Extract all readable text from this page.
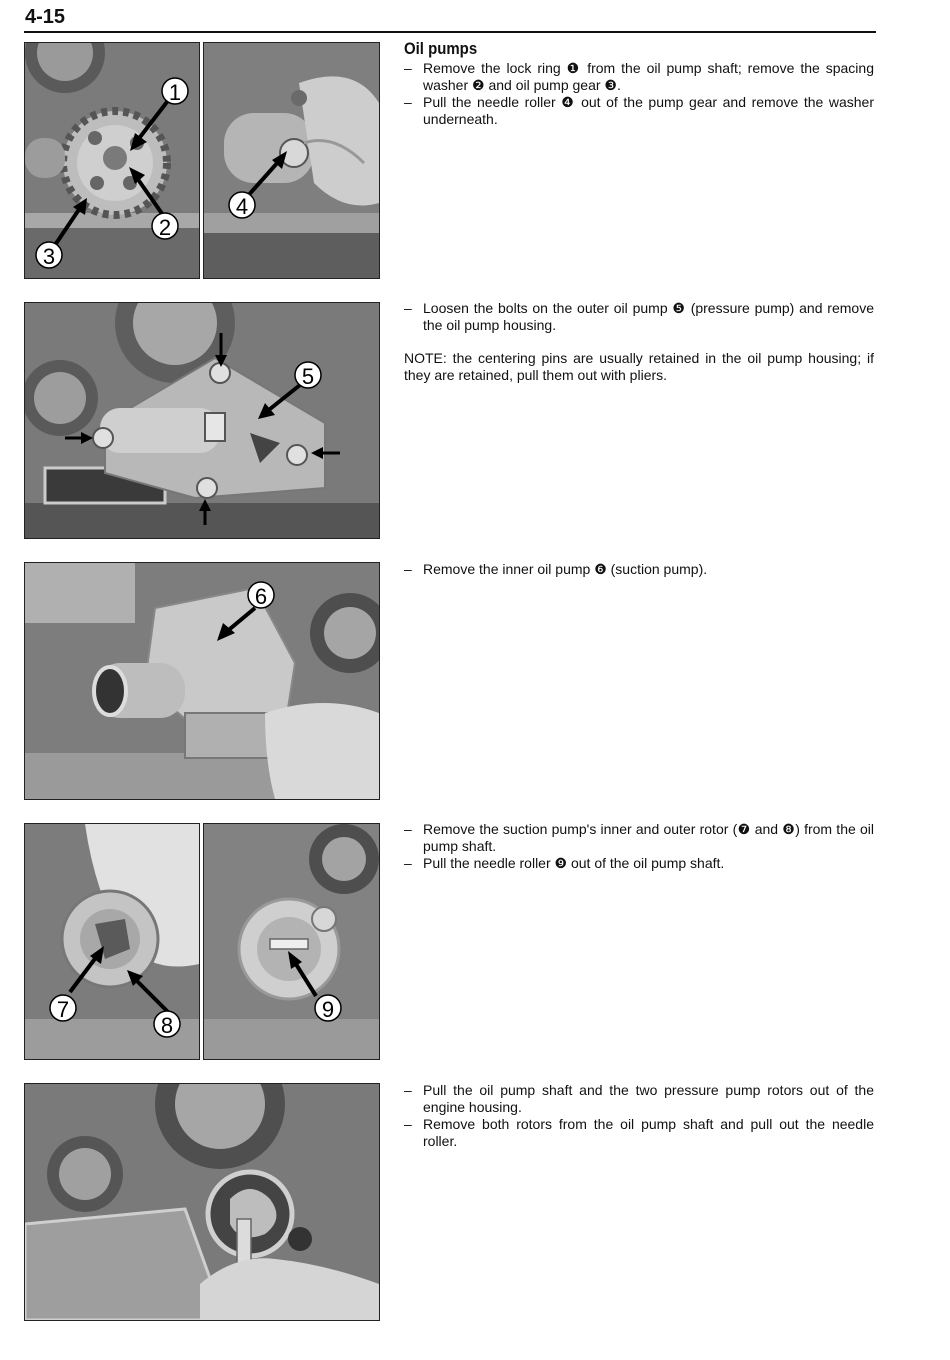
4-15
1
2
3
4
Oil pumps
– Remove the lock ring ❶ from the oil pump shaft; remove the spacing washer ❷ and oil pump gear ❸.
– Pull the needle roller ❹ out of the pump gear and remove the washer underneath.
5
– Loosen the bolts on the outer oil pump ❺ (pressure pump) and remove the oil pump housing.
NOTE: the centering pins are usually retained in the oil pump housing; if they are retained, pull them out with pliers.
6
– Remove the inner oil pump ❻ (suction pump).
7
8
9
– Remove the suction pump's inner and outer rotor (❼ and ❽) from the oil pump shaft.
– Pull the needle roller ❾ out of the oil pump shaft.
– Pull the oil pump shaft and the two pressure pump rotors out of the engine housing.
– Remove both rotors from the oil pump shaft and pull out the needle roller.
